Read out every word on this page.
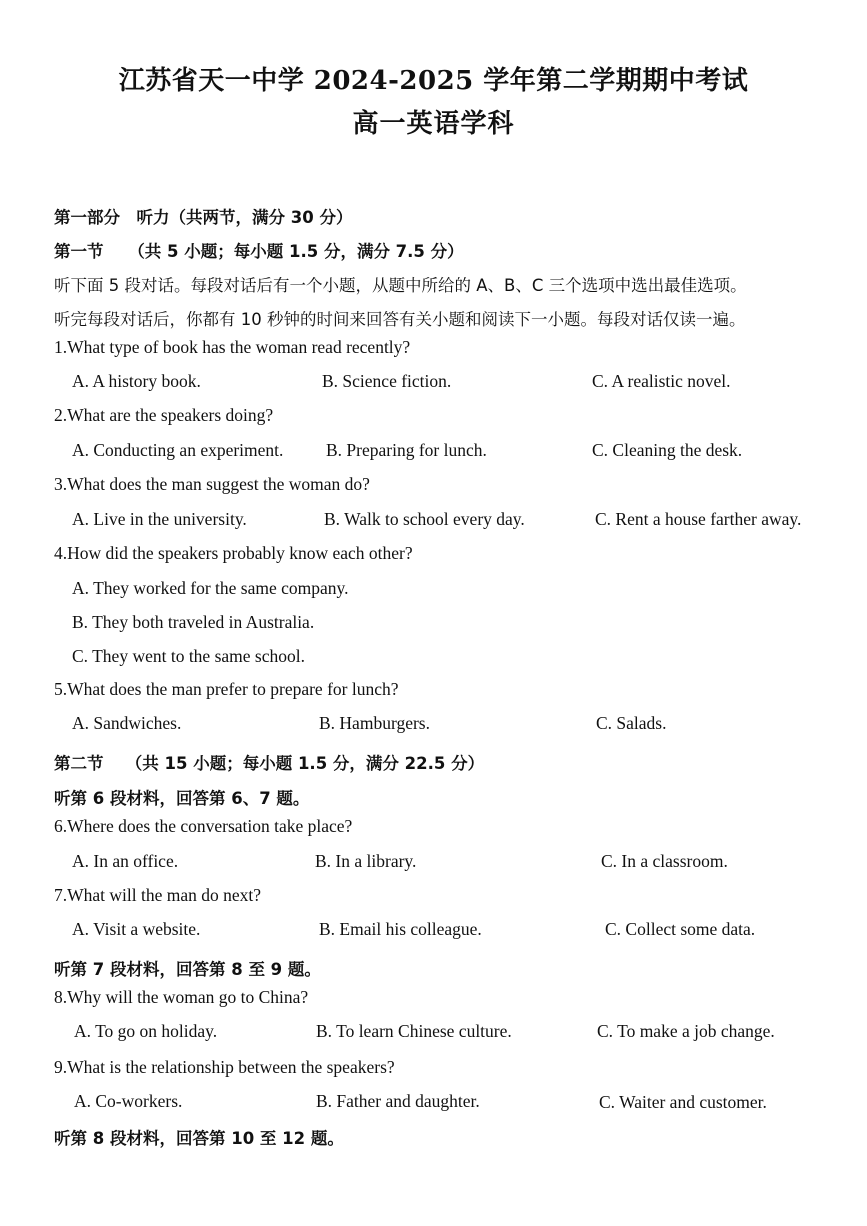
江苏省天一中学 2024-2025 学年第二学期期中考试
高一英语学科
第一部分　听力（共两节，满分 30 分）
第一节　　（共 5 小题；每小题 1.5 分，满分 7.5 分）
听下面 5 段对话。每段对话后有一个小题，从题中所给的 A、B、C 三个选项中选出最佳选项。
听完每段对话后，你都有 10 秒钟的时间来回答有关小题和阅读下一小题。每段对话仅读一遍。
1.What type of book has the woman read recently?
A. A history book.	B. Science fiction.	C. A realistic novel.
2.What are the speakers doing?
A. Conducting an experiment. B. Preparing for lunch.	C. Cleaning the desk.
3.What does the man suggest the woman do?
A. Live in the university.	B. Walk to school every day.	C. Rent a house farther away.
4.How did the speakers probably know each other?
A. They worked for the same company.
B. They both traveled in Australia.
C. They went to the same school.
5.What does the man prefer to prepare for lunch?
A. Sandwiches.	B. Hamburgers.	C. Salads.
第二节　 （共 15 小题；每小题 1.5 分，满分 22.5 分）
听第 6 段材料，回答第 6、7 题。
6.Where does the conversation take place?
A. In an office.	B. In a library.	C. In a classroom.
7.What will the man do next?
A. Visit a website.	B. Email his colleague.	C. Collect some data.
听第 7 段材料，回答第 8 至 9 题。
8.Why will the woman go to China?
A. To go on holiday.	B. To learn Chinese culture.	C. To make a job change.
9.What is the relationship between the speakers?
A. Co-workers.	B. Father and daughter.	C. Waiter and customer.
听第 8 段材料，回答第 10 至 12 题。
